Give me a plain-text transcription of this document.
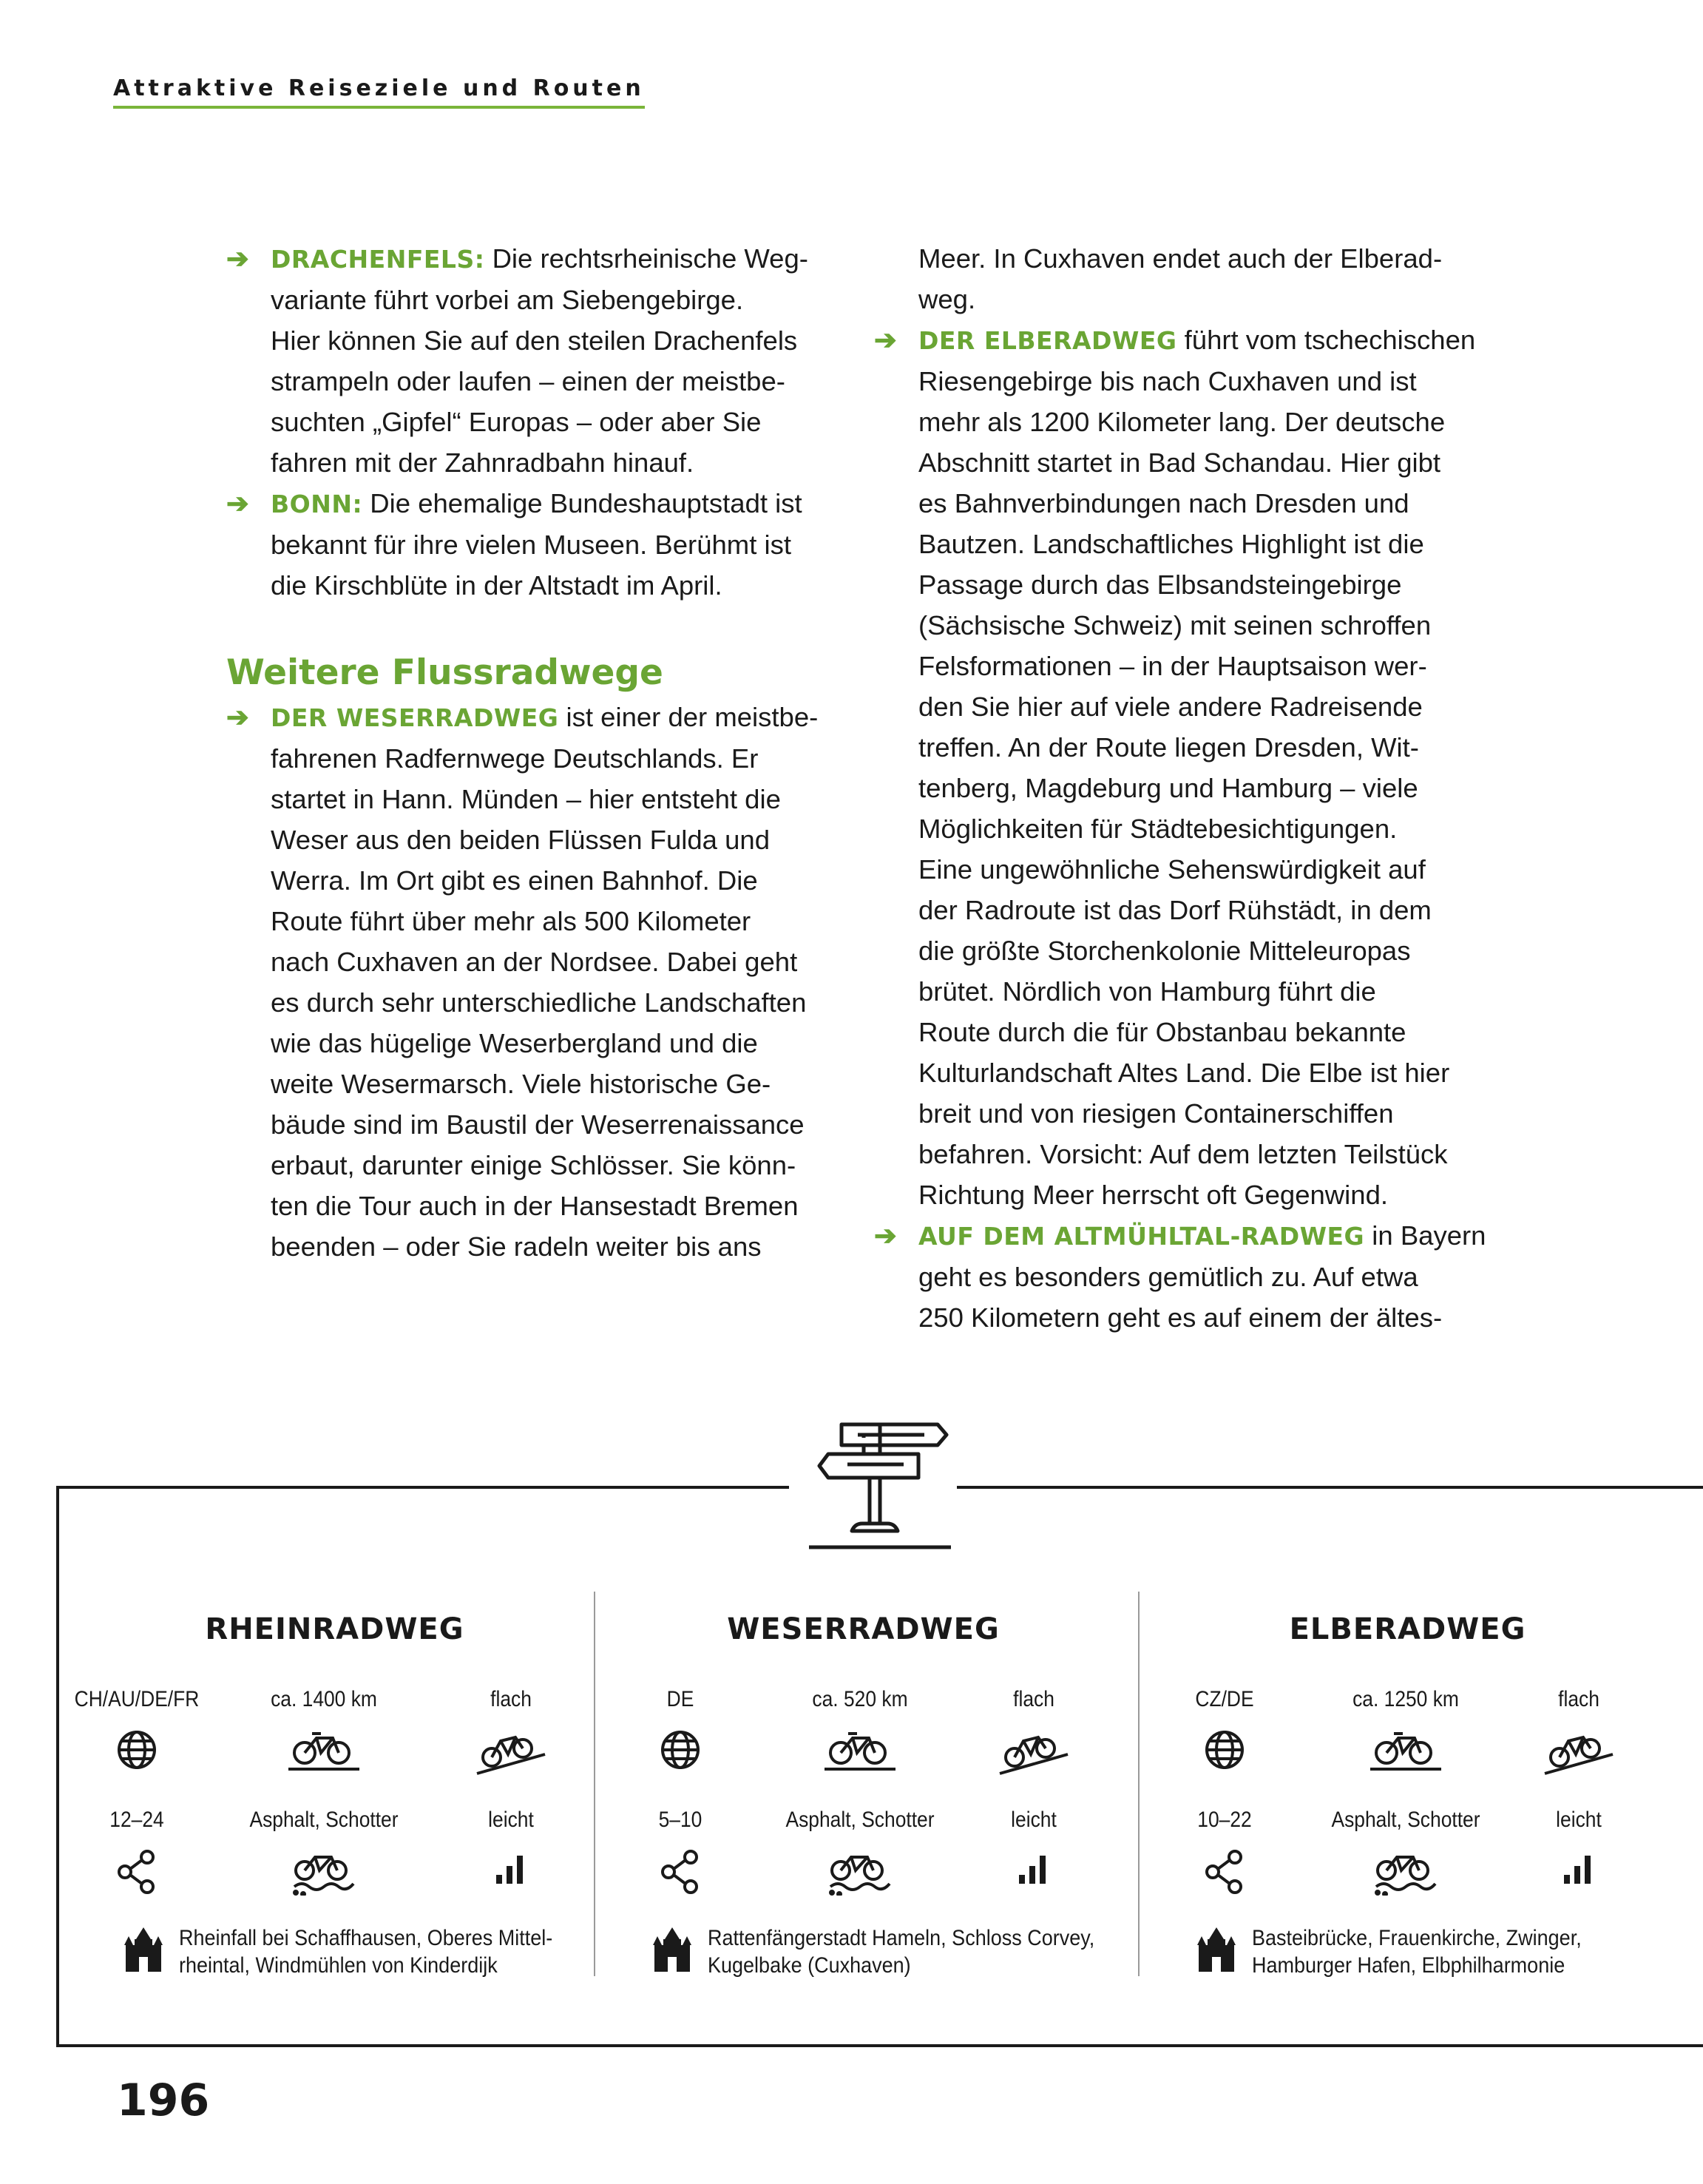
Attraktive Reiseziele und Routen
➔ DRACHENFELS: Die rechtsrheinische Weg-
variante führt vorbei am Siebengebirge.
Hier können Sie auf den steilen Drachenfels
strampeln oder laufen – einen der meistbe-
suchten „Gipfel“ Europas – oder aber Sie
fahren mit der Zahnradbahn hinauf.
➔ BONN: Die ehemalige Bundeshauptstadt ist
bekannt für ihre vielen Museen. Berühmt ist
die Kirschblüte in der Altstadt im April.
Weitere Flussradwege
➔ DER WESERRADWEG ist einer der meistbe-
fahrenen Radfernwege Deutschlands. Er
startet in Hann. Münden – hier entsteht die
Weser aus den beiden Flüssen Fulda und
Werra. Im Ort gibt es einen Bahnhof. Die
Route führt über mehr als 500 Kilometer
nach Cuxhaven an der Nordsee. Dabei geht
es durch sehr unterschiedliche Landschaften
wie das hügelige Weserbergland und die
weite Wesermarsch. Viele historische Ge-
bäude sind im Baustil der Weserrenaissance
erbaut, darunter einige Schlösser. Sie könn-
ten die Tour auch in der Hansestadt Bremen
beenden – oder Sie radeln weiter bis ans
Meer. In Cuxhaven endet auch der Elberad-
weg.
➔ DER ELBERADWEG führt vom tschechischen
Riesengebirge bis nach Cuxhaven und ist
mehr als 1200 Kilometer lang. Der deutsche
Abschnitt startet in Bad Schandau. Hier gibt
es Bahnverbindungen nach Dresden und
Bautzen. Landschaftliches Highlight ist die
Passage durch das Elbsandsteingebirge
(Sächsische Schweiz) mit seinen schroffen
Felsformationen – in der Hauptsaison wer-
den Sie hier auf viele andere Radreisende
treffen. An der Route liegen Dresden, Wit-
tenberg, Magdeburg und Hamburg – viele
Möglichkeiten für Städtebesichtigungen.
Eine ungewöhnliche Sehenswürdigkeit auf
der Radroute ist das Dorf Rühstädt, in dem
die größte Storchenkolonie Mitteleuropas
brütet. Nördlich von Hamburg führt die
Route durch die für Obstanbau bekannte
Kulturlandschaft Altes Land. Die Elbe ist hier
breit und von riesigen Containerschiffen
befahren. Vorsicht: Auf dem letzten Teilstück
Richtung Meer herrscht oft Gegenwind.
➔ AUF DEM ALTMÜHLTAL-RADWEG in Bayern
geht es besonders gemütlich zu. Auf etwa
250 Kilometern geht es auf einem der ältes-
RHEINRADWEG
CH/AU/DE/FR	ca. 1400 km	flach
12–24	Asphalt, Schotter	leicht
Rheinfall bei Schaffhausen, Oberes Mittel-
rheintal, Windmühlen von Kinderdijk
WESERRADWEG
DE	ca. 520 km	flach
5–10	Asphalt, Schotter	leicht
Rattenfängerstadt Hameln, Schloss Corvey,
Kugelbake (Cuxhaven)
ELBERADWEG
CZ/DE	ca. 1250 km	flach
10–22	Asphalt, Schotter	leicht
Basteibrücke, Frauenkirche, Zwinger,
Hamburger Hafen, Elbphilharmonie
196
